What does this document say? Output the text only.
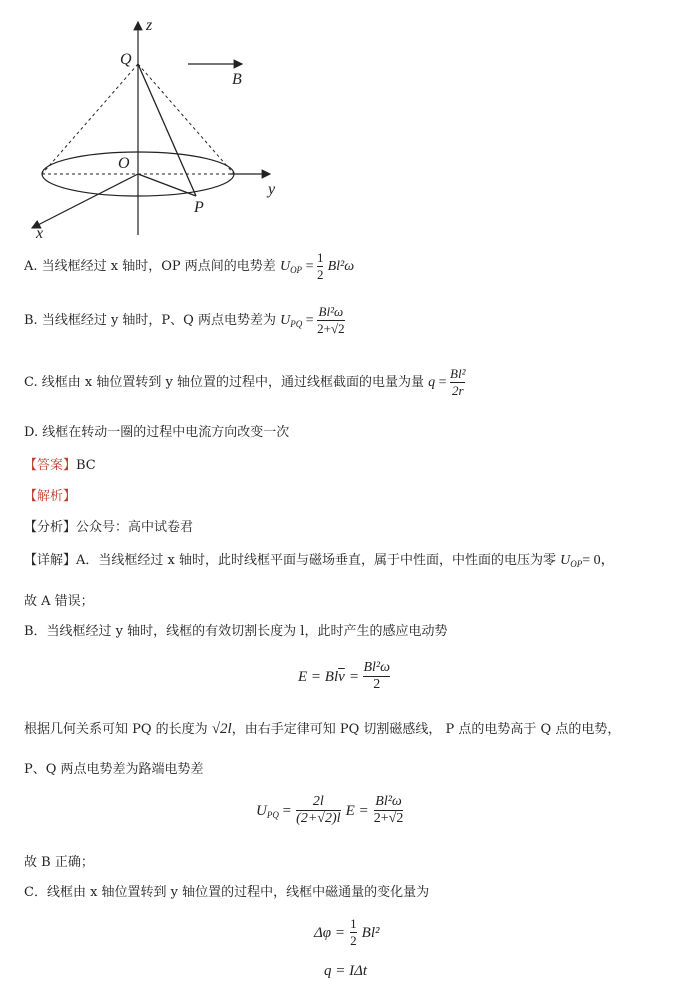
z
Q
B
O
y
P
x
A. 当线框经过 x 轴时，OP 两点间的电势差 $U_{OP} = \frac{1}{2} Bl^2\omega$
B. 当线框经过 y 轴时，P、Q 两点电势差为 $U_{PQ} = \frac{\text{Bl²ω}}{2+√2}$
C. 线框由 x 轴位置转到 y 轴位置的过程中，通过线框截面的电量为量 $q = \frac{\text{Bl²}}{2r}$
D. 线框在转动一圈的过程中电流方向改变一次
【答案】BC
【解析】
【分析】公众号：高中试卷君
【详解】A．当线框经过 x 轴时，此时线框平面与磁场垂直，属于中性面，中性面的电压为零 $U_{OP}= 0$，
故 A 错误；
B．当线框经过 y 轴时，线框的有效切割长度为 l，此时产生的感应电动势
$E = Bl\overline{v} = \frac{\text{Bl²ω}}{2}$
根据几何关系可知 PQ 的长度为 √2l，由右手定律可知 PQ 切割磁感线， P 点的电势高于 Q 点的电势，
P、Q 两点电势差为路端电势差
$U_{PQ} = \frac{2l}{(2+√2)l}$ $E = \frac{\text{Bl²ω}}{2+√2}$
故 B 正确；
C．线框由 x 轴位置转到 y 轴位置的过程中，线框中磁通量的变化量为
$\Delta\varphi = \frac{1}{2} Bl^2$
q = IΔt
